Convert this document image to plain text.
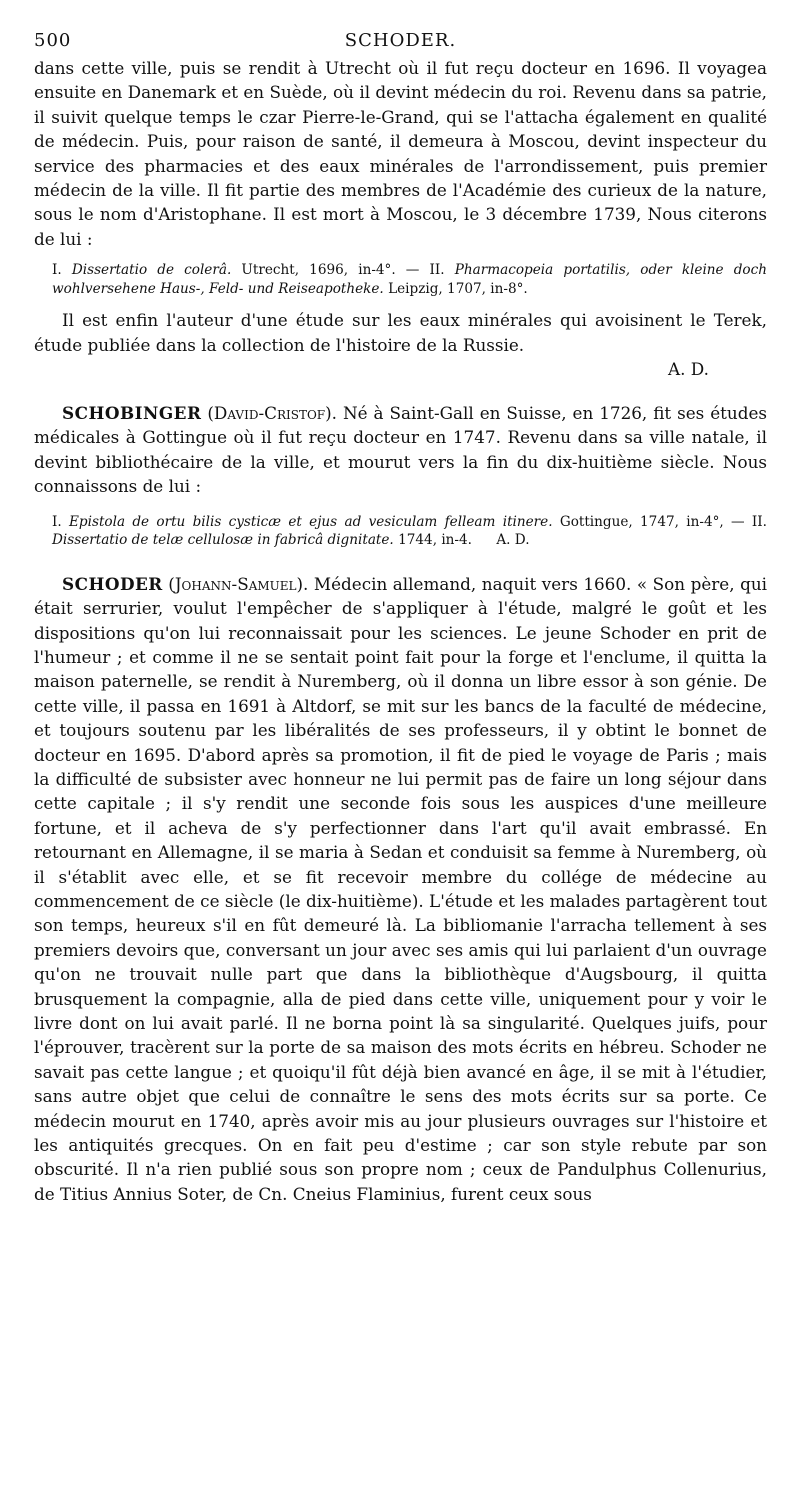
500	SCHODER.

dans cette ville, puis se rendit à Utrecht où il fut reçu docteur en 1696. Il voyagea ensuite en Danemark et en Suède, où il devint médecin du roi. Revenu dans sa patrie, il suivit quelque temps le czar Pierre-le-Grand, qui se l'attacha également en qualité de médecin. Puis, pour raison de santé, il demeura à Moscou, devint inspecteur du service des pharmacies et des eaux minérales de l'arrondissement, puis premier médecin de la ville. Il fit partie des membres de l'Académie des curieux de la nature, sous le nom d'Aristophane. Il est mort à Moscou, le 3 décembre 1739, Nous citerons de lui :

I. Dissertatio de colerâ. Utrecht, 1696, in-4°. — II. Pharmacopeia portatilis, oder kleine doch wohlversehene Haus-, Feld- und Reiseapotheke. Leipzig, 1707, in-8°.

Il est enfin l'auteur d'une étude sur les eaux minérales qui avoisinent le Terek, étude publiée dans la collection de l'histoire de la Russie.

A. D.

SCHOBINGER (David-Cristof). Né à Saint-Gall en Suisse, en 1726, fit ses études médicales à Gottingue où il fut reçu docteur en 1747. Revenu dans sa ville natale, il devint bibliothécaire de la ville, et mourut vers la fin du dix-huitième siècle. Nous connaissons de lui :

I. Epistola de ortu bilis cysticæ et ejus ad vesiculam felleam itinere. Gottingue, 1747, in-4°, — II. Dissertatio de telæ cellulosæ in fabricâ dignitate. 1744, in-4. A. D.

SCHODER (Johann-Samuel). Médecin allemand, naquit vers 1660. « Son père, qui était serrurier, voulut l'empêcher de s'appliquer à l'étude, malgré le goût et les dispositions qu'on lui reconnaissait pour les sciences. Le jeune Schoder en prit de l'humeur ; et comme il ne se sentait point fait pour la forge et l'enclume, il quitta la maison paternelle, se rendit à Nuremberg, où il donna un libre essor à son génie. De cette ville, il passa en 1691 à Altdorf, se mit sur les bancs de la faculté de médecine, et toujours soutenu par les libéralités de ses professeurs, il y obtint le bonnet de docteur en 1695. D'abord après sa promotion, il fit de pied le voyage de Paris ; mais la difficulté de subsister avec honneur ne lui permit pas de faire un long séjour dans cette capitale ; il s'y rendit une seconde fois sous les auspices d'une meilleure fortune, et il acheva de s'y perfectionner dans l'art qu'il avait embrassé. En retournant en Allemagne, il se maria à Sedan et conduisit sa femme à Nuremberg, où il s'établit avec elle, et se fit recevoir membre du collége de médecine au commencement de ce siècle (le dix-huitième). L'étude et les malades partagèrent tout son temps, heureux s'il en fût demeuré là. La bibliomanie l'arracha tellement à ses premiers devoirs que, conversant un jour avec ses amis qui lui parlaient d'un ouvrage qu'on ne trouvait nulle part que dans la bibliothèque d'Augsbourg, il quitta brusquement la compagnie, alla de pied dans cette ville, uniquement pour y voir le livre dont on lui avait parlé. Il ne borna point là sa singularité. Quelques juifs, pour l'éprouver, tracèrent sur la porte de sa maison des mots écrits en hébreu. Schoder ne savait pas cette langue ; et quoiqu'il fût déjà bien avancé en âge, il se mit à l'étudier, sans autre objet que celui de connaître le sens des mots écrits sur sa porte. Ce médecin mourut en 1740, après avoir mis au jour plusieurs ouvrages sur l'histoire et les antiquités grecques. On en fait peu d'estime ; car son style rebute par son obscurité. Il n'a rien publié sous son propre nom ; ceux de Pandulphus Collenurius, de Titius Annius Soter, de Cn. Cneius Flaminius, furent ceux sous
